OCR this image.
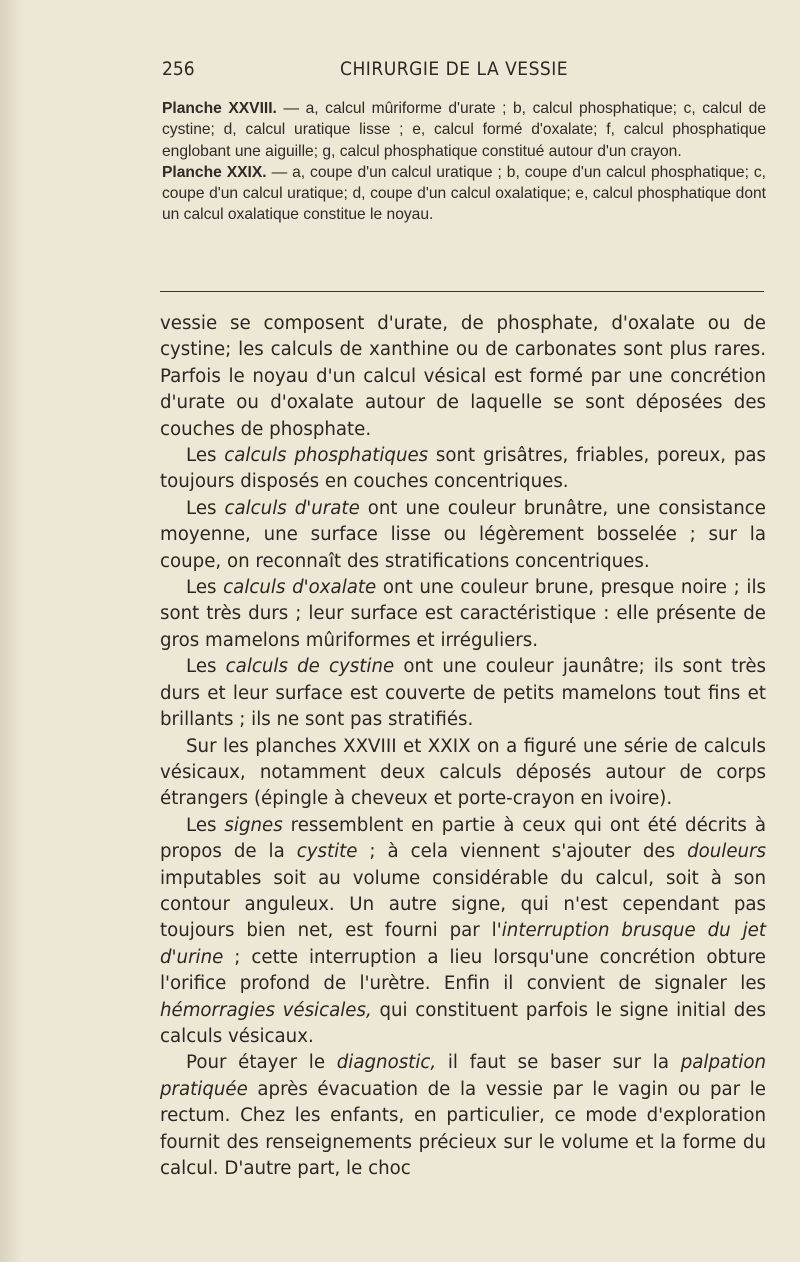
256	CHIRURGIE DE LA VESSIE

Planche XXVIII. — a, calcul mûriforme d'urate ; b, calcul phosphatique; c, calcul de cystine; d, calcul uratique lisse ; e, calcul formé d'oxalate; f, calcul phosphatique englobant une aiguille; g, calcul phosphatique constitué autour d'un crayon.

Planche XXIX. — a, coupe d'un calcul uratique ; b, coupe d'un calcul phosphatique; c, coupe d'un calcul uratique; d, coupe d'un calcul oxalatique; e, calcul phosphatique dont un calcul oxalatique constitue le noyau.

vessie se composent d'urate, de phosphate, d'oxalate ou de cystine; les calculs de xanthine ou de carbonates sont plus rares. Parfois le noyau d'un calcul vésical est formé par une concrétion d'urate ou d'oxalate autour de laquelle se sont déposées des couches de phosphate.

Les calculs phosphatiques sont grisâtres, friables, poreux, pas toujours disposés en couches concentriques.

Les calculs d'urate ont une couleur brunâtre, une consistance moyenne, une surface lisse ou légèrement bosselée ; sur la coupe, on reconnaît des stratifications concentriques.

Les calculs d'oxalate ont une couleur brune, presque noire ; ils sont très durs ; leur surface est caractéristique : elle présente de gros mamelons mûriformes et irréguliers.

Les calculs de cystine ont une couleur jaunâtre; ils sont très durs et leur surface est couverte de petits mamelons tout fins et brillants ; ils ne sont pas stratifiés.

Sur les planches XXVIII et XXIX on a figuré une série de calculs vésicaux, notamment deux calculs déposés autour de corps étrangers (épingle à cheveux et porte-crayon en ivoire).

Les signes ressemblent en partie à ceux qui ont été décrits à propos de la cystite ; à cela viennent s'ajouter des douleurs imputables soit au volume considérable du calcul, soit à son contour anguleux. Un autre signe, qui n'est cependant pas toujours bien net, est fourni par l'interruption brusque du jet d'urine ; cette interruption a lieu lorsqu'une concrétion obture l'orifice profond de l'urètre. Enfin il convient de signaler les hémorragies vésicales, qui constituent parfois le signe initial des calculs vésicaux.

Pour étayer le diagnostic, il faut se baser sur la palpation pratiquée après évacuation de la vessie par le vagin ou par le rectum. Chez les enfants, en particulier, ce mode d'exploration fournit des renseignements précieux sur le volume et la forme du calcul. D'autre part, le choc
